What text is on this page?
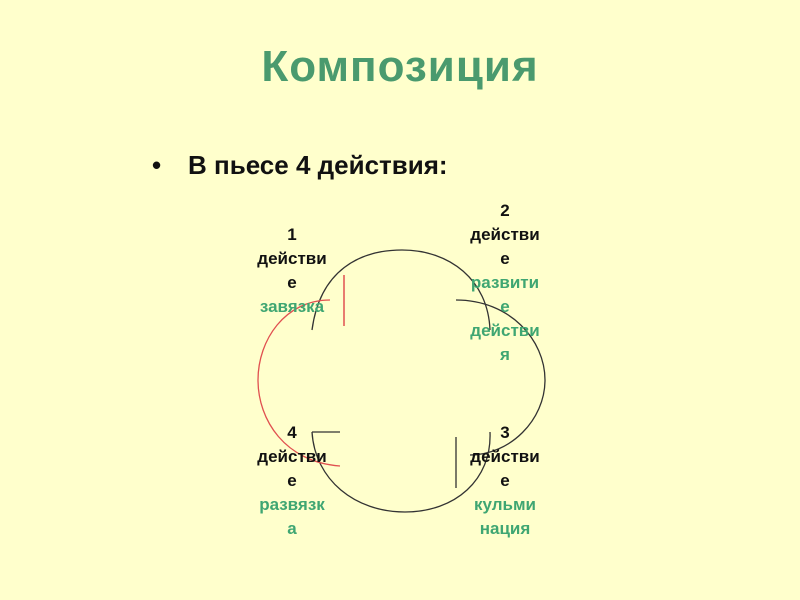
Композиция
• В пьесе 4 действия:
1
действи
е
завязка
2
действи
е
развити
е
действи
я
3
действи
е
кульми
нация
4
действи
е
развязк
а
